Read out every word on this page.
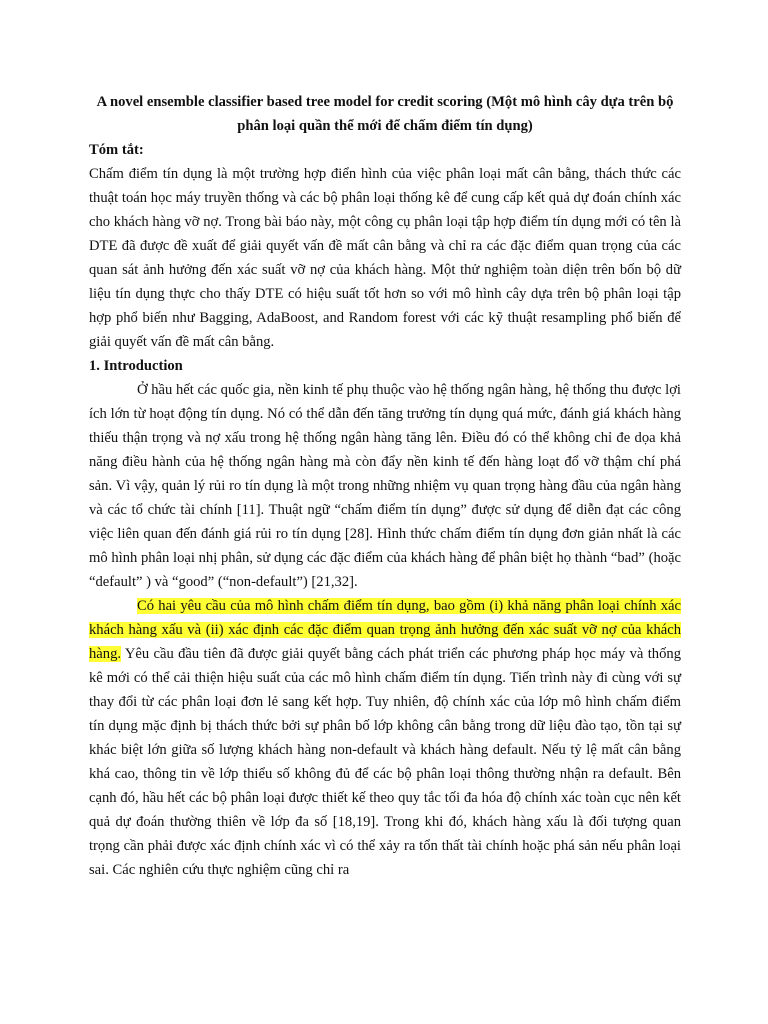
A novel ensemble classifier based tree model for credit scoring (Một mô hình cây dựa trên bộ phân loại quần thể mới để chấm điểm tín dụng)

Tóm tắt:

Chấm điểm tín dụng là một trường hợp điển hình của việc phân loại mất cân bằng, thách thức các thuật toán học máy truyền thống và các bộ phân loại thống kê để cung cấp kết quả dự đoán chính xác cho khách hàng vỡ nợ. Trong bài báo này, một công cụ phân loại tập hợp điểm tín dụng mới có tên là DTE đã được đề xuất để giải quyết vấn đề mất cân bằng và chỉ ra các đặc điểm quan trọng của các quan sát ảnh hưởng đến xác suất vỡ nợ của khách hàng. Một thử nghiệm toàn diện trên bốn bộ dữ liệu tín dụng thực cho thấy DTE có hiệu suất tốt hơn so với mô hình cây dựa trên bộ phân loại tập hợp phổ biến như Bagging, AdaBoost, and Random forest với các kỹ thuật resampling phổ biến để giải quyết vấn đề mất cân bằng.

1. Introduction

Ở hầu hết các quốc gia, nền kinh tế phụ thuộc vào hệ thống ngân hàng, hệ thống thu được lợi ích lớn từ hoạt động tín dụng. Nó có thể dẫn đến tăng trưởng tín dụng quá mức, đánh giá khách hàng thiếu thận trọng và nợ xấu trong hệ thống ngân hàng tăng lên. Điều đó có thể không chỉ đe dọa khả năng điều hành của hệ thống ngân hàng mà còn đẩy nền kinh tế đến hàng loạt đổ vỡ thậm chí phá sản. Vì vậy, quản lý rủi ro tín dụng là một trong những nhiệm vụ quan trọng hàng đầu của ngân hàng và các tổ chức tài chính [11]. Thuật ngữ “chấm điểm tín dụng” được sử dụng để diễn đạt các công việc liên quan đến đánh giá rủi ro tín dụng [28]. Hình thức chấm điểm tín dụng đơn giản nhất là các mô hình phân loại nhị phân, sử dụng các đặc điểm của khách hàng để phân biệt họ thành “bad” (hoặc “default” ) và “good” (“non-default”) [21,32].

Có hai yêu cầu của mô hình chấm điểm tín dụng, bao gồm (i) khả năng phân loại chính xác khách hàng xấu và (ii) xác định các đặc điểm quan trọng ảnh hưởng đến xác suất vỡ nợ của khách hàng. Yêu cầu đầu tiên đã được giải quyết bằng cách phát triển các phương pháp học máy và thống kê mới có thể cải thiện hiệu suất của các mô hình chấm điểm tín dụng. Tiến trình này đi cùng với sự thay đổi từ các phân loại đơn lẻ sang kết hợp. Tuy nhiên, độ chính xác của lớp mô hình chấm điểm tín dụng mặc định bị thách thức bởi sự phân bố lớp không cân bằng trong dữ liệu đào tạo, tồn tại sự khác biệt lớn giữa số lượng khách hàng non-default và khách hàng default. Nếu tỷ lệ mất cân bằng khá cao, thông tin về lớp thiểu số không đủ để các bộ phân loại thông thường nhận ra default. Bên cạnh đó, hầu hết các bộ phân loại được thiết kế theo quy tắc tối đa hóa độ chính xác toàn cục nên kết quả dự đoán thường thiên về lớp đa số [18,19]. Trong khi đó, khách hàng xấu là đối tượng quan trọng cần phải được xác định chính xác vì có thể xảy ra tổn thất tài chính hoặc phá sản nếu phân loại sai. Các nghiên cứu thực nghiệm cũng chỉ ra
